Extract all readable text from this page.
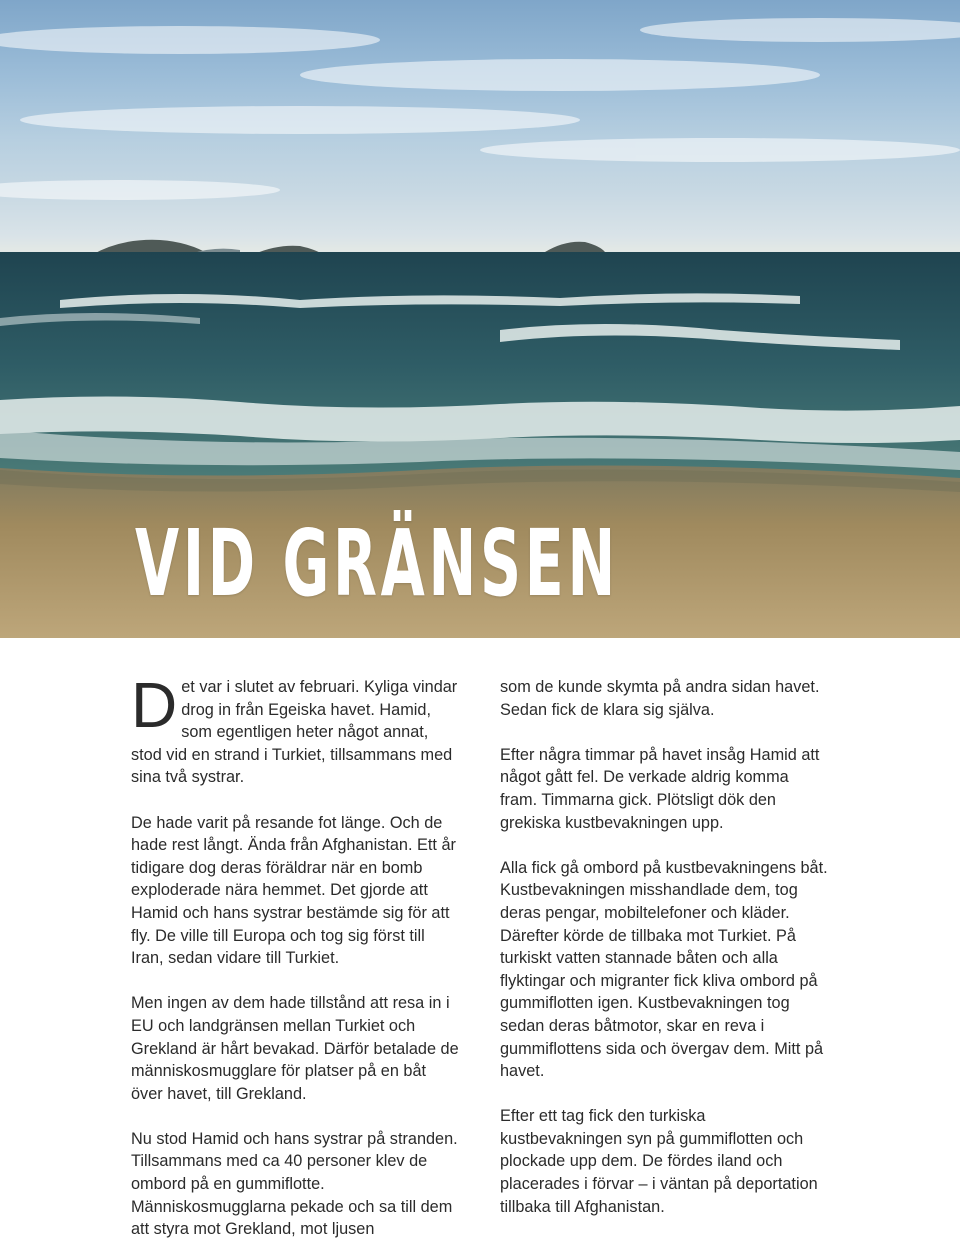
VID GRÄNSEN

Det var i slutet av februari. Kyliga vindar drog in från Egeiska havet. Hamid, som egentligen heter något annat, stod vid en strand i Turkiet, tillsammans med sina två systrar.

De hade varit på resande fot länge. Och de hade rest långt. Ända från Afghanistan. Ett år tidigare dog deras föräldrar när en bomb exploderade nära hemmet. Det gjorde att Hamid och hans systrar bestämde sig för att fly. De ville till Europa och tog sig först till Iran, sedan vidare till Turkiet.

Men ingen av dem hade tillstånd att resa in i EU och landgränsen mellan Turkiet och Grekland är hårt bevakad. Därför betalade de människosmugglare för platser på en båt över havet, till Grekland.

Nu stod Hamid och hans systrar på stranden. Tillsammans med ca 40 personer klev de ombord på en gummiflotte. Människosmugglarna pekade och sa till dem att styra mot Grekland, mot ljusen

som de kunde skymta på andra sidan havet. Sedan fick de klara sig själva.

Efter några timmar på havet insåg Hamid att något gått fel. De verkade aldrig komma fram. Timmarna gick. Plötsligt dök den grekiska kustbevakningen upp.

Alla fick gå ombord på kustbevakningens båt. Kustbevakningen misshandlade dem, tog deras pengar, mobiltelefoner och kläder. Därefter körde de tillbaka mot Turkiet. På turkiskt vatten stannade båten och alla flyktingar och migranter fick kliva ombord på gummiflotten igen. Kustbevakningen tog sedan deras båtmotor, skar en reva i gummiflottens sida och övergav dem. Mitt på havet.

Efter ett tag fick den turkiska kustbevakningen syn på gummiflotten och plockade upp dem. De fördes iland och placerades i förvar – i väntan på deportation tillbaka till Afghanistan.
